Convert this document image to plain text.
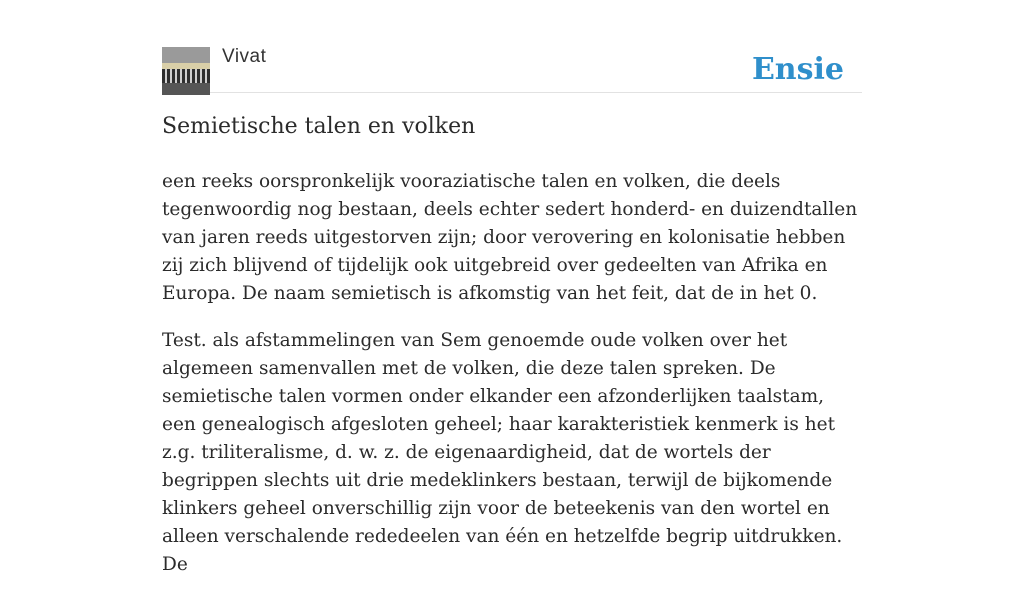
Vivat	Ensie
Semietische talen en volken

een reeks oorspronkelijk vooraziatische talen en volken, die deels tegenwoordig nog bestaan, deels echter sedert honderd- en duizendtallen van jaren reeds uitgestorven zijn; door verovering en kolonisatie hebben zij zich blijvend of tijdelijk ook uitgebreid over gedeelten van Afrika en Europa. De naam semietisch is afkomstig van het feit, dat de in het 0.

Test. als afstammelingen van Sem genoemde oude volken over het algemeen samenvallen met de volken, die deze talen spreken. De semietische talen vormen onder elkander een afzonderlijken taalstam, een genealogisch afgesloten geheel; haar karakteristiek kenmerk is het z.g. triliteralisme, d. w. z. de eigenaardigheid, dat de wortels der begrippen slechts uit drie medeklinkers bestaan, terwijl de bijkomende klinkers geheel onverschillig zijn voor de beteekenis van den wortel en alleen verschalende rededeelen van één en hetzelfde begrip uitdrukken. De
